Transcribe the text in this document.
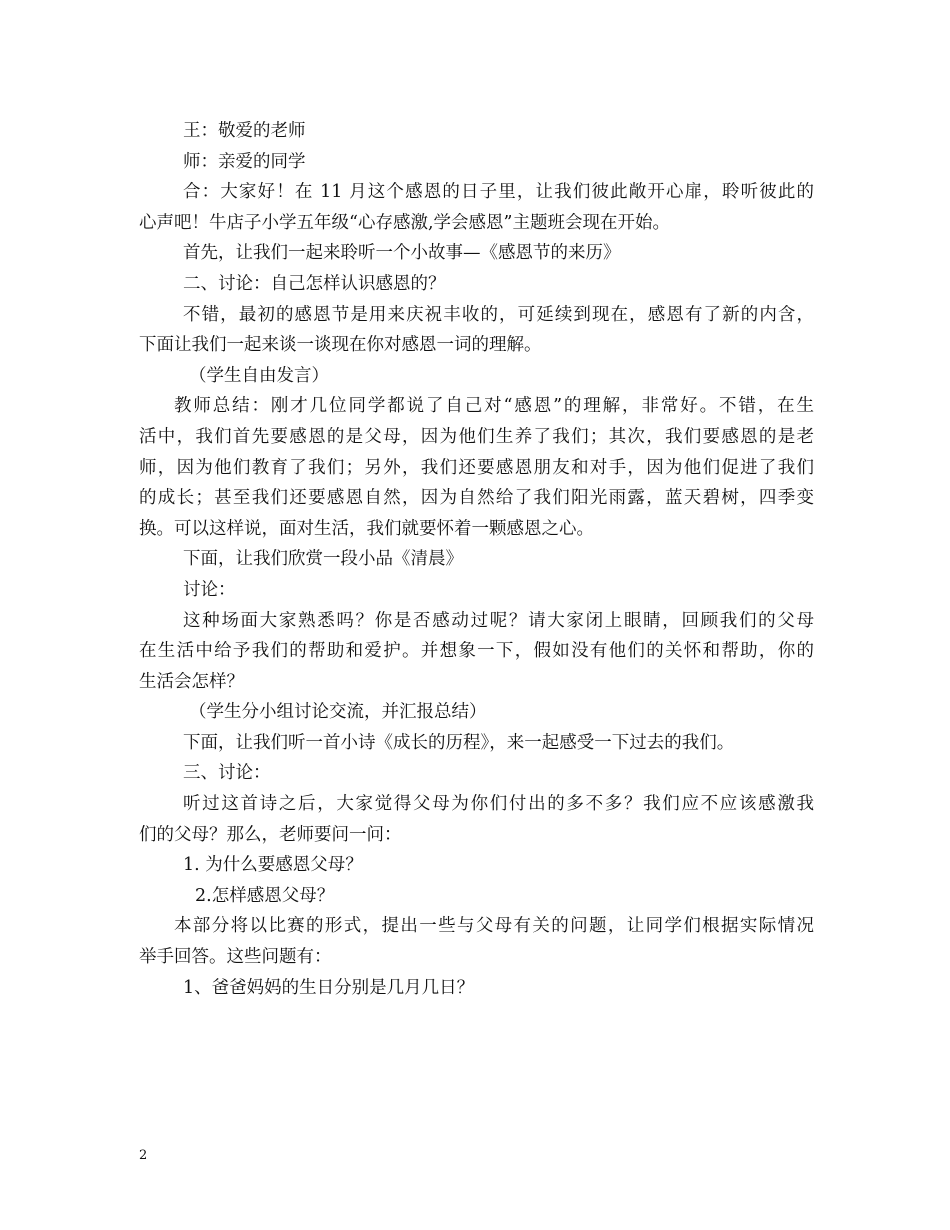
王：敬爱的老师
师：亲爱的同学
合：大家好！在 11 月这个感恩的日子里，让我们彼此敞开心扉，聆听彼此的
心声吧！牛店子小学五年级“心存感激,学会感恩”主题班会现在开始。
首先，让我们一起来聆听一个小故事—《感恩节的来历》
二、讨论：自己怎样认识感恩的？
不错，最初的感恩节是用来庆祝丰收的，可延续到现在，感恩有了新的内含，
下面让我们一起来谈一谈现在你对感恩一词的理解。
（学生自由发言）
教师总结：刚才几位同学都说了自己对“感恩”的理解，非常好。不错，在生
活中，我们首先要感恩的是父母，因为他们生养了我们；其次，我们要感恩的是老
师，因为他们教育了我们；另外，我们还要感恩朋友和对手，因为他们促进了我们
的成长；甚至我们还要感恩自然，因为自然给了我们阳光雨露，蓝天碧树，四季变
换。可以这样说，面对生活，我们就要怀着一颗感恩之心。
下面，让我们欣赏一段小品《清晨》
讨论：
这种场面大家熟悉吗？你是否感动过呢？请大家闭上眼睛，回顾我们的父母
在生活中给予我们的帮助和爱护。并想象一下，假如没有他们的关怀和帮助，你的
生活会怎样？
（学生分小组讨论交流，并汇报总结）
下面，让我们听一首小诗《成长的历程》，来一起感受一下过去的我们。
三、讨论：
听过这首诗之后，大家觉得父母为你们付出的多不多？我们应不应该感激我
们的父母？那么，老师要问一问：
1. 为什么要感恩父母？
2.怎样感恩父母？
本部分将以比赛的形式，提出一些与父母有关的问题，让同学们根据实际情况
举手回答。这些问题有：
1、爸爸妈妈的生日分别是几月几日？
2
